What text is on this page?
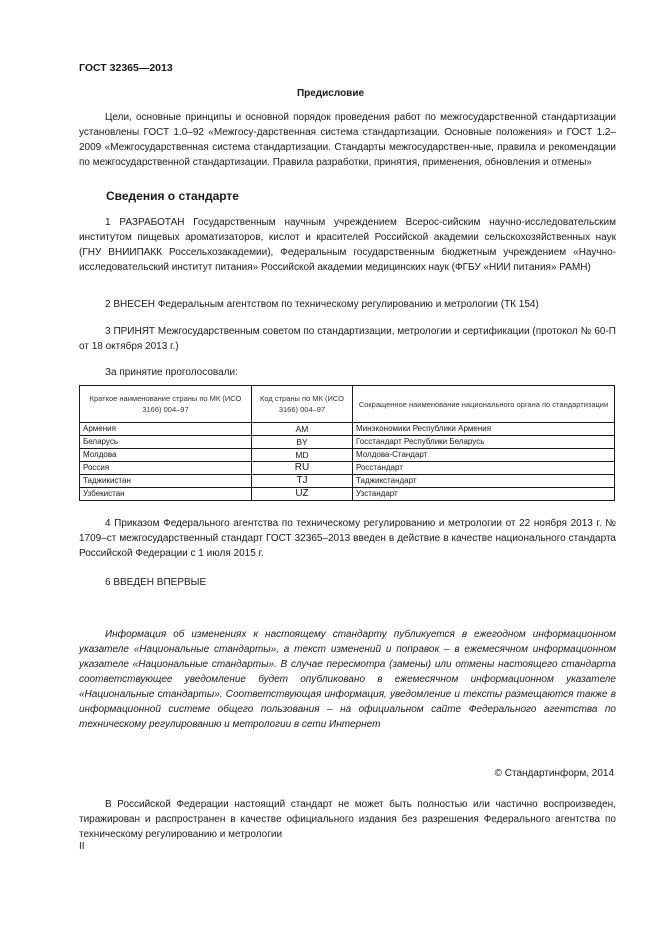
ГОСТ 32365—2013
Предисловие
Цели, основные принципы и основной порядок проведения работ по межгосударственной стандартизации установлены ГОСТ 1.0–92 «Межгосу-дарственная система стандартизации. Основные положения» и ГОСТ 1.2–2009 «Межгосударственная система стандартизации. Стандарты межгосударствен-ные, правила и рекомендации по межгосударственной стандартизации. Правила разработки, принятия, применения, обновления и отмены»
Сведения о стандарте
1 РАЗРАБОТАН Государственным научным учреждением Всерос-сийским научно-исследовательским институтом пищевых ароматизаторов, кислот и красителей Российской академии сельскохозяйственных наук (ГНУ ВНИИПАКК Россельхозакадемии), Федеральным государственным бюджетным учреждением «Научно-исследовательский институт питания» Российской академии медицинских наук (ФГБУ «НИИ питания» РАМН)
2 ВНЕСЕН Федеральным агентством по техническому регулированию и метрологии (ТК 154)
3 ПРИНЯТ Межгосударственным советом по стандартизации, метрологии и сертификации (протокол № 60-П от 18 октября 2013 г.)
За принятие проголосовали:
Краткое наименование страны по МК (ИСО 3166) 004–97	Код страны по МК (ИСО 3166) 004–97	Сокращенное наименование национального органа по стандартизации
Армения	AM	Минэкономики Республики Армения
Беларусь	BY	Госстандарт Республики Беларусь
Молдова	MD	Молдова-Стандарт
Россия	RU	Росстандарт
Таджикистан	TJ	Таджикстандарт
Узбекистан	UZ	Узстандарт
4 Приказом Федерального агентства по техническому регулированию и метрологии от 22 ноября 2013 г. № 1709–ст межгосударственный стандарт ГОСТ 32365–2013 введен в действие в качестве национального стандарта Российской Федерации с 1 июля 2015 г.
6 ВВЕДЕН ВПЕРВЫЕ
Информация об изменениях к настоящему стандарту публикуется в ежегодном информационном указателе «Национальные стандарты», а текст изменений и поправок – в ежемесячном информационном указателе «Национальные стандарты». В случае пересмотра (замены) или отмены настоящего стандарта соответствующее уведомление будет опубликовано в ежемесячном информационном указателе «Национальные стандарты». Соответствующая информация, уведомление и тексты размещаются также в информационной системе общего пользования – на официальном сайте Федерального агентства по техническому регулированию и метрологии в сети Интернет
© Стандартинформ, 2014
В Российской Федерации настоящий стандарт не может быть полностью или частично воспроизведен, тиражирован и распространен в качестве официального издания без разрешения Федерального агентства по техническому регулированию и метрологии
II
